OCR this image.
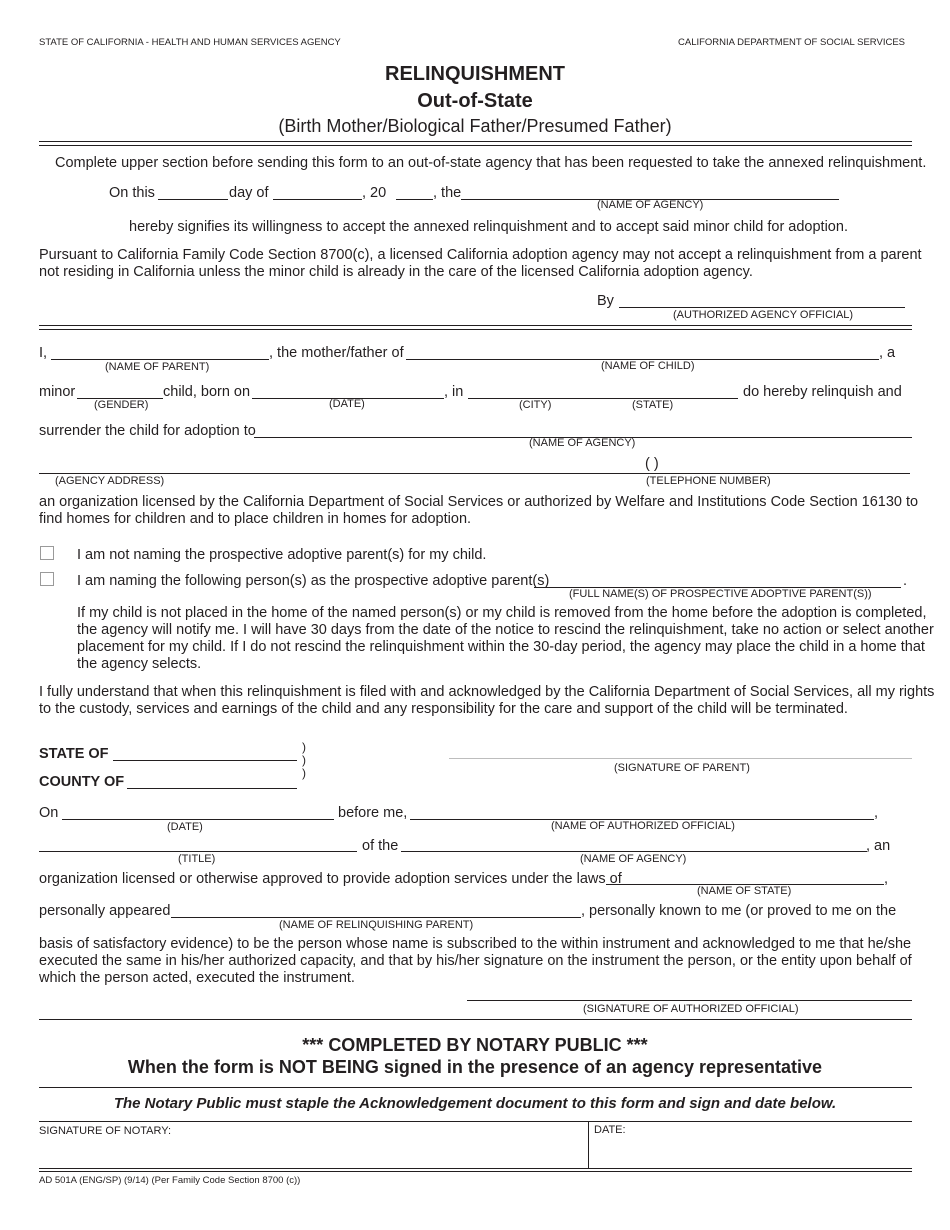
STATE OF CALIFORNIA - HEALTH AND HUMAN SERVICES AGENCY	CALIFORNIA DEPARTMENT OF SOCIAL SERVICES
RELINQUISHMENT
Out-of-State
(Birth Mother/Biological Father/Presumed Father)
Complete upper section before sending this form to an out-of-state agency that has been requested to take the annexed relinquishment.
On this	day of	, 20	, the
(NAME OF AGENCY)
hereby signifies its willingness to accept the annexed relinquishment and to accept said minor child for adoption.
Pursuant to California Family Code Section 8700(c), a licensed California adoption agency may not accept a relinquishment from a parent
not residing in California unless the minor child is already in the care of the licensed California adoption agency.
By
(AUTHORIZED AGENCY OFFICIAL)
I,	, the mother/father of	, a
(NAME OF PARENT)	(NAME OF CHILD)
minor	child, born on	, in	do hereby relinquish and
(GENDER)	(DATE)	(CITY)	(STATE)
surrender the child for adoption to
(NAME OF AGENCY)
( )
(AGENCY ADDRESS)	(TELEPHONE NUMBER)
an organization licensed by the California Department of Social Services or authorized by Welfare and Institutions Code Section 16130 to
find homes for children and to place children in homes for adoption.
I am not naming the prospective adoptive parent(s) for my child.
I am naming the following person(s) as the prospective adoptive parent(s)	.
(FULL NAME(S) OF PROSPECTIVE ADOPTIVE PARENT(S))
If my child is not placed in the home of the named person(s) or my child is removed from the home before the adoption is completed,
the agency will notify me. I will have 30 days from the date of the notice to rescind the relinquishment, take no action or select another
placement for my child. If I do not rescind the relinquishment within the 30-day period, the agency may place the child in a home that
the agency selects.
I fully understand that when this relinquishment is filed with and acknowledged by the California Department of Social Services, all my rights
to the custody, services and earnings of the child and any responsibility for the care and support of the child will be terminated.
STATE OF
COUNTY OF
)
)
)	(SIGNATURE OF PARENT)
On	before me,	,
(DATE)	(NAME OF AUTHORIZED OFFICIAL)
of the	, an
(TITLE)	(NAME OF AGENCY)
organization licensed or otherwise approved to provide adoption services under the laws of	,
(NAME OF STATE)
personally appeared	, personally known to me (or proved to me on the
(NAME OF RELINQUISHING PARENT)
basis of satisfactory evidence) to be the person whose name is subscribed to the within instrument and acknowledged to me that he/she
executed the same in his/her authorized capacity, and that by his/her signature on the instrument the person, or the entity upon behalf of
which the person acted, executed the instrument.
(SIGNATURE OF AUTHORIZED OFFICIAL)
*** COMPLETED BY NOTARY PUBLIC ***
When the form is NOT BEING signed in the presence of an agency representative
The Notary Public must staple the Acknowledgement document to this form and sign and date below.
SIGNATURE OF NOTARY:	DATE:
AD 501A (ENG/SP) (9/14) (Per Family Code Section 8700 (c))
